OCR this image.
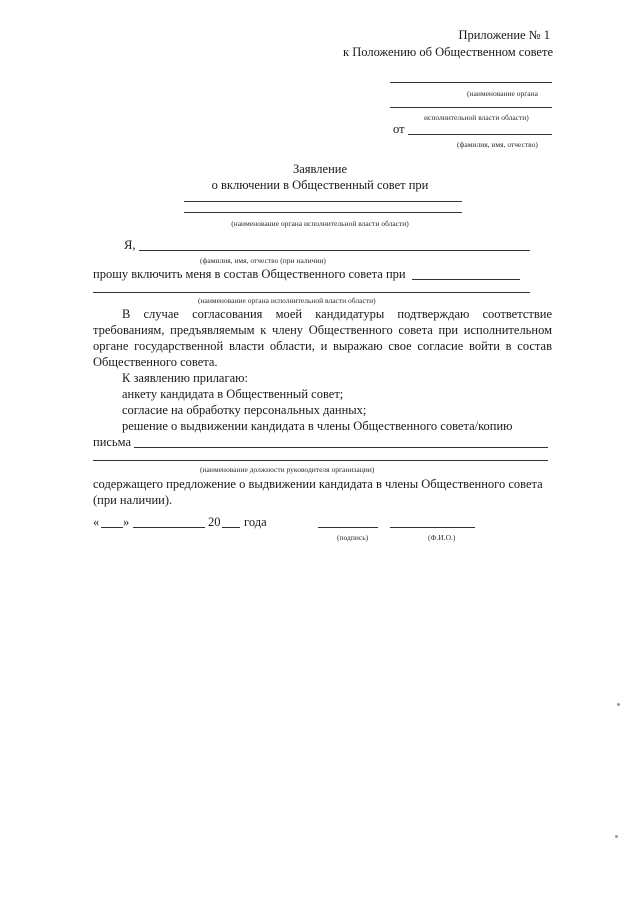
Приложение № 1
к Положению об Общественном совете
(наименование органа
исполнительной власти области)
от
(фамилия, имя, отчество)
Заявление
о включении в Общественный совет при
(наименование органа исполнительной власти области)
Я,
(фамилия, имя, отчество (при наличии)
прошу включить меня в состав Общественного совета при
(наименование органа исполнительной власти области)
В случае согласования моей кандидатуры подтверждаю соответствие
требованиям, предъявляемым к члену Общественного совета при исполнительном
органе государственной власти области, и выражаю свое согласие войти в состав
Общественного совета.
К заявлению прилагаю:
анкету кандидата в Общественный совет;
согласие на обработку персональных данных;
решение о выдвижении кандидата в члены Общественного совета/копию
письма
(наименование должности руководителя организации)
содержащего предложение о выдвижении кандидата в члены Общественного совета
(при наличии).
« »	20 года
(подпись)	(Ф.И.О.)
